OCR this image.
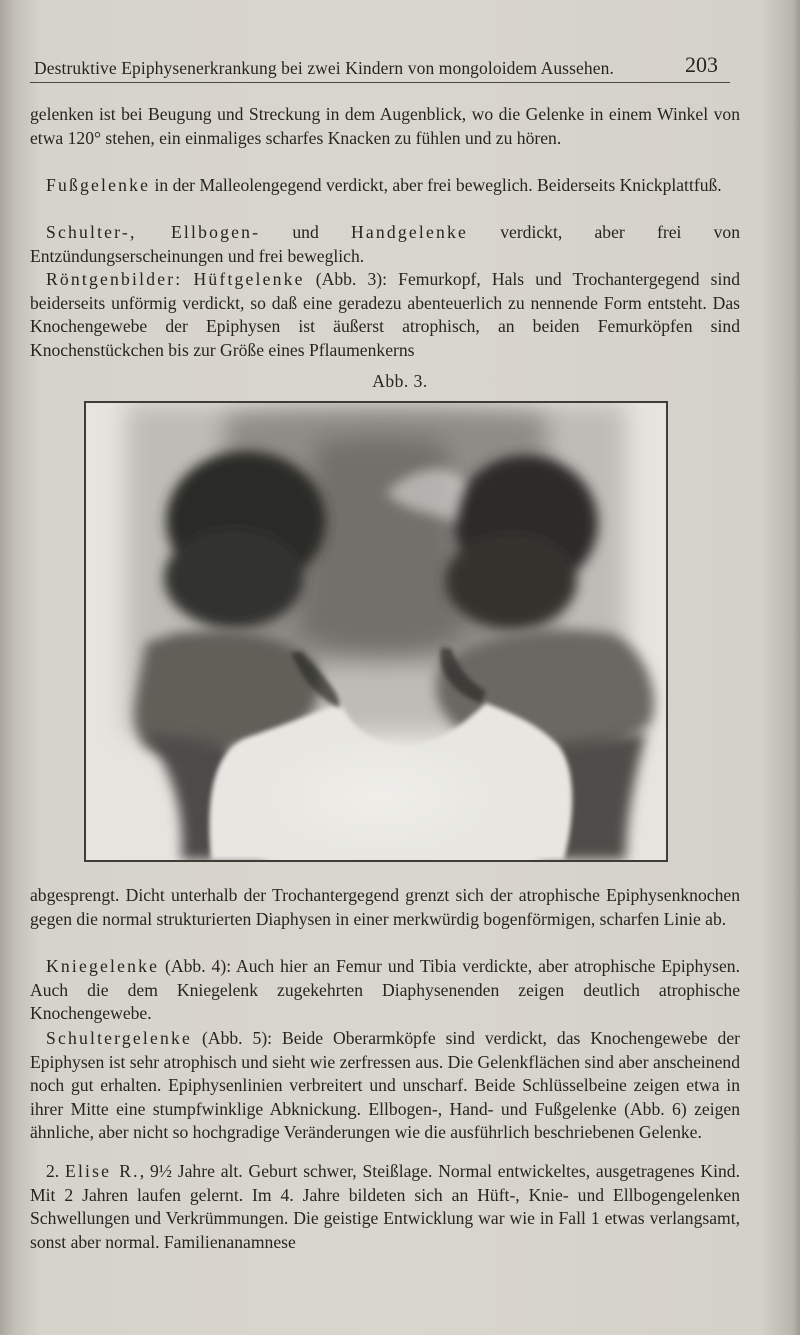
Destruktive Epiphysenerkrankung bei zwei Kindern von mongoloidem Aussehen.	203

gelenken ist bei Beugung und Streckung in dem Augenblick, wo die Gelenke in einem Winkel von etwa 120° stehen, ein einmaliges scharfes Knacken zu fühlen und zu hören.

Fußgelenke in der Malleolengegend verdickt, aber frei beweglich. Beiderseits Knickplattfuß.

Schulter-, Ellbogen- und Handgelenke verdickt, aber frei von Entzündungserscheinungen und frei beweglich.

Röntgenbilder: Hüftgelenke (Abb. 3): Femurkopf, Hals und Trochantergegend sind beiderseits unförmig verdickt, so daß eine geradezu abenteuerlich zu nennende Form entsteht. Das Knochengewebe der Epiphysen ist äußerst atrophisch, an beiden Femurköpfen sind Knochenstückchen bis zur Größe eines Pflaumenkerns

Abb. 3.

abgesprengt. Dicht unterhalb der Trochantergegend grenzt sich der atrophische Epiphysenknochen gegen die normal strukturierten Diaphysen in einer merkwürdig bogenförmigen, scharfen Linie ab.

Kniegelenke (Abb. 4): Auch hier an Femur und Tibia verdickte, aber atrophische Epiphysen. Auch die dem Kniegelenk zugekehrten Diaphysenenden zeigen deutlich atrophische Knochengewebe.

Schultergelenke (Abb. 5): Beide Oberarmköpfe sind verdickt, das Knochengewebe der Epiphysen ist sehr atrophisch und sieht wie zerfressen aus. Die Gelenkflächen sind aber anscheinend noch gut erhalten. Epiphysenlinien verbreitert und unscharf. Beide Schlüsselbeine zeigen etwa in ihrer Mitte eine stumpfwinklige Abknickung. Ellbogen-, Hand- und Fußgelenke (Abb. 6) zeigen ähnliche, aber nicht so hochgradige Veränderungen wie die ausführlich beschriebenen Gelenke.

2. Elise R., 9½ Jahre alt. Geburt schwer, Steißlage. Normal entwickeltes, ausgetragenes Kind. Mit 2 Jahren laufen gelernt. Im 4. Jahre bildeten sich an Hüft-, Knie- und Ellbogengelenken Schwellungen und Verkrümmungen. Die geistige Entwicklung war wie in Fall 1 etwas verlangsamt, sonst aber normal. Familienanamnese
